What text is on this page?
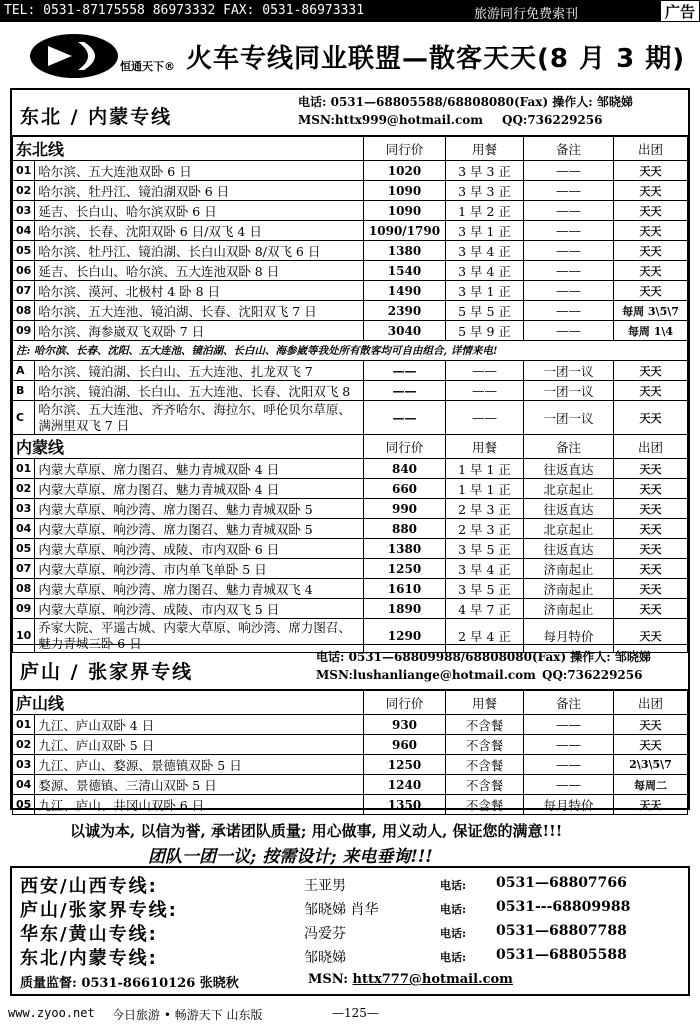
TEL: 0531-87175558 86973332 FAX: 0531-86973331	旅游同行免费索刊	广告
恒通天下® 火车专线同业联盟—散客天天(8 月 3 期)
东北 / 内蒙专线
电话: 0531—68805588/68808080(Fax) 操作人: 邹晓娣
MSN:httx999@hotmail.com QQ:736229256
东北线		同行价	用餐	备注	出团
01	哈尔滨、五大连池双卧 6 日	1020	3 早 3 正	——	天天
02	哈尔滨、牡丹江、镜泊湖双卧 6 日	1090	3 早 3 正	——	天天
03	延吉、长白山、哈尔滨双卧 6 日	1090	1 早 2 正	——	天天
04	哈尔滨、长春、沈阳双卧 6 日/双飞 4 日	1090/1790	3 早 1 正	——	天天
05	哈尔滨、牡丹江、镜泊湖、长白山双卧 8/双飞 6 日	1380	3 早 4 正	——	天天
06	延吉、长白山、哈尔滨、五大连池双卧 8 日	1540	3 早 4 正	——	天天
07	哈尔滨、漠河、北极村 4 卧 8 日	1490	3 早 1 正	——	天天
08	哈尔滨、五大连池、镜泊湖、长春、沈阳双飞 7 日	2390	5 早 5 正	——	每周 3\5\7
09	哈尔滨、海参崴双飞双卧 7 日	3040	5 早 9 正	——	每周 1\4
注: 哈尔滨、长春、沈阳、五大连池、镜泊湖、长白山、海参崴等我处所有散客均可自由组合, 详情来电!					
A	哈尔滨、镜泊湖、长白山、五大连池、扎龙双飞 7	——	——	一团一议	天天
B	哈尔滨、镜泊湖、长白山、五大连池、长春、沈阳双飞 8	——	——	一团一议	天天
C	哈尔滨、五大连池、齐齐哈尔、海拉尔、呼伦贝尔草原、满洲里双飞 7 日	——	——	一团一议	天天
内蒙线		同行价	用餐	备注	出团
01	内蒙大草原、席力图召、魅力青城双卧 4 日	840	1 早 1 正	往返直达	天天
02	内蒙大草原、席力图召、魅力青城双卧 4 日	660	1 早 1 正	北京起止	天天
03	内蒙大草原、响沙湾、席力图召、魅力青城双卧 5	990	2 早 3 正	往返直达	天天
04	内蒙大草原、响沙湾、席力图召、魅力青城双卧 5	880	2 早 3 正	北京起止	天天
05	内蒙大草原、响沙湾、成陵、市内双卧 6 日	1380	3 早 5 正	往返直达	天天
07	内蒙大草原、响沙湾、市内单飞单卧 5 日	1250	3 早 4 正	济南起止	天天
08	内蒙大草原、响沙湾、席力图召、魅力青城双飞 4	1610	3 早 5 正	济南起止	天天
09	内蒙大草原、响沙湾、成陵、市内双飞 5 日	1890	4 早 7 正	济南起止	天天
10	乔家大院、平遥古城、内蒙大草原、响沙湾、席力图召、魅力青城三卧 6 日	1290	2 早 4 正	每月特价	天天
庐山 / 张家界专线
电话: 0531—68809988/68808080(Fax) 操作人: 邹晓娣
MSN:lushanliange@hotmail.com QQ:736229256
庐山线		同行价	用餐	备注	出团
01	九江、庐山双卧 4 日	930	不含餐	——	天天
02	九江、庐山双卧 5 日	960	不含餐	——	天天
03	九江、庐山、婺源、景德镇双卧 5 日	1250	不含餐	——	2\3\5\7
04	婺源、景德镇、三清山双卧 5 日	1240	不含餐	——	每周二
05	九江、庐山、井冈山双卧 6 日	1350	不含餐	每月特价	天天
以诚为本, 以信为誉, 承诺团队质量; 用心做事, 用义动人, 保证您的满意!!!
团队一团一议; 按需设计; 来电垂询!!!
西安/山西专线:	王亚男	电话: 0531—68807766
庐山/张家界专线:	邹晓娣 肖华	电话: 0531---68809988
华东/黄山专线:	冯爱芬	电话: 0531—68807788
东北/内蒙专线:	邹晓娣	电话: 0531—68805588
质量监督: 0531-86610126 张晓秋	MSN: httx777@hotmail.com
www.zyoo.net 今日旅游 • 畅游天下 山东版	—125—
